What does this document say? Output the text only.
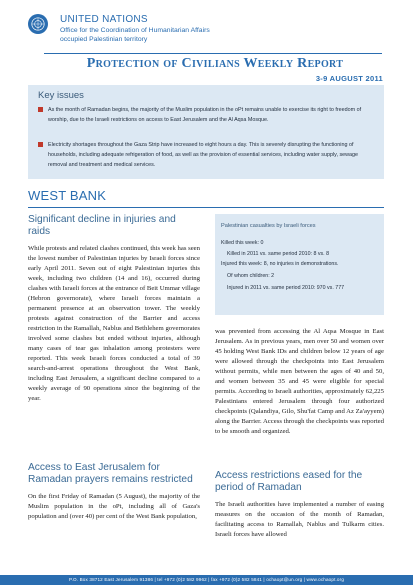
UNITED NATIONS
Office for the Coordination of Humanitarian Affairs
occupied Palestinian territory
Protection of Civilians Weekly Report
3-9 AUGUST 2011
Key issues
As the month of Ramadan begins, the majority of the Muslim population in the oPt remains unable to exercise its right to freedom of worship, due to the Israeli restrictions on access to East Jerusalem and the Al Aqsa Mosque.
Electricity shortages throughout the Gaza Strip have increased to eight hours a day. This is severely disrupting the functioning of households, including adequate refrigeration of food, as well as the provision of essential services, including water supply, sewage removal and treatment and medical services.
WEST BANK
Significant decline in injuries and raids
While protests and related clashes continued, this week has seen the lowest number of Palestinian injuries by Israeli forces since early April 2011. Seven out of eight Palestinian injuries this week, including two children (14 and 16), occurred during clashes with Israeli forces at the entrance of Beit Ummar village (Hebron governorate), where Israeli forces maintain a permanent presence at an observation tower. The weekly protests against construction of the Barrier and access restriction in the Ramallah, Nablus and Bethlehem governorates involved some clashes but ended without injuries, although many cases of tear gas inhalation among protesters were reported. This week Israeli forces conducted a total of 39 search-and-arrest operations throughout the West Bank, including East Jerusalem, a significant decline compared to a weekly average of 90 operations since the beginning of the year.
Palestinian casualties by Israeli forces
Killed this week: 0
Killed in 2011 vs. same period 2010: 8 vs. 8
Injured this week: 8, no injuries in demonstrations.
Of whom children: 2
Injured in 2011 vs. same period 2010: 970 vs. 777
was prevented from accessing the Al Aqsa Mosque in East Jerusalem. As in previous years, men over 50 and women over 45 holding West Bank IDs and children below 12 years of age were allowed through the checkpoints into East Jerusalem without permits, while men between the ages of 40 and 50, and women between 35 and 45 were eligible for special permits. According to Israeli authorities, approximately 62,225 Palestinians entered Jerusalem through four authorized checkpoints (Qalandiya, Gilo, Shu'fat Camp and Az Za'ayyem) along the Barrier. Access through the checkpoints was reported to be smooth and organized.
Access to East Jerusalem for Ramadan prayers remains restricted
On the first Friday of Ramadan (5 August), the majority of the Muslim population in the oPt, including all of Gaza's population and (over 40) per cent of the West Bank population,
Access restrictions eased for the period of Ramadan
The Israeli authorities have implemented a number of easing measures on the occasion of the month of Ramadan, facilitating access to Ramallah, Nablus and Tulkarm cities. Israeli forces have allowed
P.O. Box 38712 East Jerusalem 91386 | tel +972 (0)2 582 9962 | fax +972 (0)2 582 5841 | ochaopt@un.org | www.ochaopt.org
